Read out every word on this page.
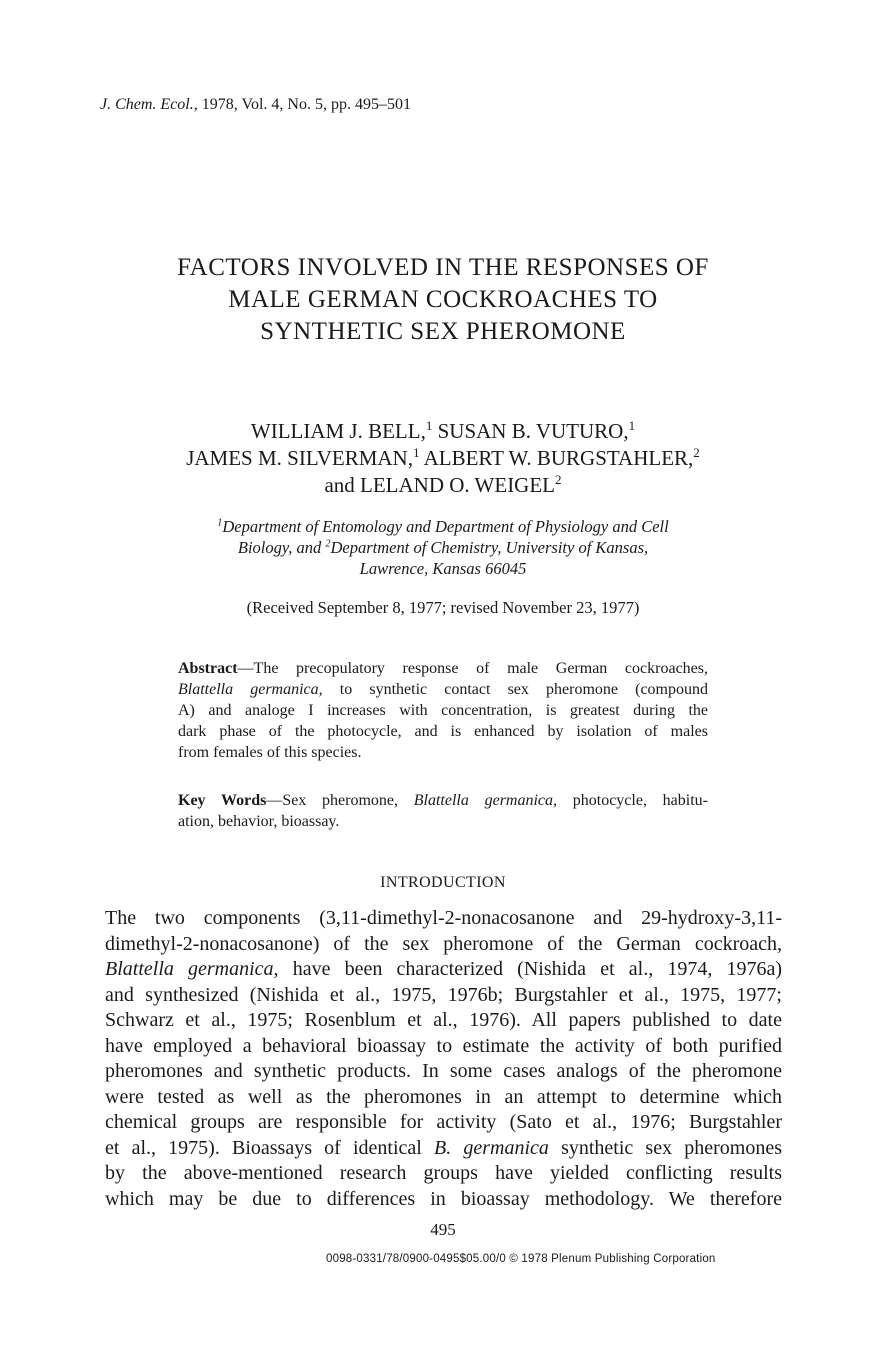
J. Chem. Ecol., 1978, Vol. 4, No. 5, pp. 495–501
FACTORS INVOLVED IN THE RESPONSES OF
MALE GERMAN COCKROACHES TO
SYNTHETIC SEX PHEROMONE
WILLIAM J. BELL,$^1$ SUSAN B. VUTURO,$^1$
JAMES M. SILVERMAN,$^1$ ALBERT W. BURGSTAHLER,$^2$
and LELAND O. WEIGEL$^2$
$^1$Department of Entomology and Department of Physiology and Cell
Biology, and $^2$Department of Chemistry, University of Kansas,
Lawrence, Kansas 66045
(Received September 8, 1977; revised November 23, 1977)
Abstract—The precopulatory response of male German cockroaches,
Blattella germanica, to synthetic contact sex pheromone (compound
A) and analoge I increases with concentration, is greatest during the
dark phase of the photocycle, and is enhanced by isolation of males
from females of this species.
Key Words—Sex pheromone, Blattella germanica, photocycle, habitu-
ation, behavior, bioassay.
INTRODUCTION
The two components (3,11-dimethyl-2-nonacosanone and 29-hydroxy-3,11-
dimethyl-2-nonacosanone) of the sex pheromone of the German cockroach,
Blattella germanica, have been characterized (Nishida et al., 1974, 1976a)
and synthesized (Nishida et al., 1975, 1976b; Burgstahler et al., 1975, 1977;
Schwarz et al., 1975; Rosenblum et al., 1976). All papers published to date
have employed a behavioral bioassay to estimate the activity of both purified
pheromones and synthetic products. In some cases analogs of the pheromone
were tested as well as the pheromones in an attempt to determine which
chemical groups are responsible for activity (Sato et al., 1976; Burgstahler
et al., 1975). Bioassays of identical B. germanica synthetic sex pheromones
by the above-mentioned research groups have yielded conflicting results
which may be due to differences in bioassay methodology. We therefore
495
0098-0331/78/0900-0495$05.00/0 © 1978 Plenum Publishing Corporation
